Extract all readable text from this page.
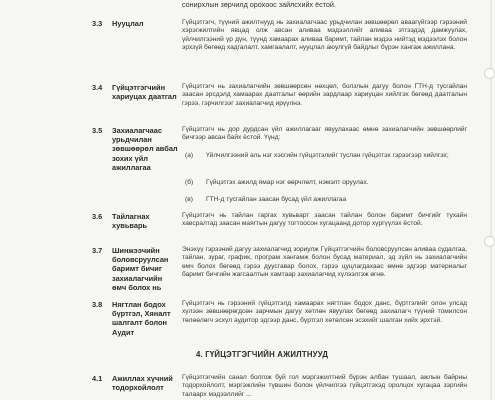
сонирхлын зөрчилд орохоос зайлсхийх ёстой.
3.3 Нууцлал	Гүйцэтгэгч, түүний ажилтнууд нь захиалагчаас урьдчилан зөвшөөрөл аваагүйгээр гэрээний хэрэгжилтийн явцад олж авсан аливаа мэдээллийг аливаа этгээдэд дамжуулах, үйлчилгээний үр дүн, түүнд хамаарах аливаа баримт, тайлан мэдээ нийтэд мэдээлэх болон эрхзүй бөгөөд хадгалалт, хамгаалалт, нууцлал аюулгүй байдлыг бүрэн хангаж ажиллана.
3.4 Гүйцэтгэгчийн хариуцах даатгал
Гүйцэтгэгч нь захиалагчийн зөвшөөрсөн нөхцөл, болзлын дагуу болон ГТН-д тусгайлан заасан эрсдэлд хамаарах даатгалыг өөрийн зардлаар хариуцан хийлгэх бөгөөд даатгалын гэрээ, гэрчилгээг захиалагчид ирүүлнэ.
3.5 Захиалагчаас урьдчилан зөвшөөрөл авбал зохих үйл ажиллагаа
Гүйцэтгэгч нь дор дурдсан үйл ажиллагааг явуулахаас өмнө захиалагчийн зөвшөөрлийг бичгээр авсан байх ёстой. Үүнд:
(a) Үйлчилгээний аль нэг хэсгийн гүйцэтгэлийг туслан гүйцэтгэх гэрээгээр хийлгэх;
(б) Гүйцэтгэх ажилд ямар нэг өөрчлөлт, нэмэлт оруулах.
(в) ГТН-д тусгайлан заасан бусад үйл ажиллагаа
3.6 Тайлагнах хувьварь
Гүйцэтгэгч нь тайлан гаргах хувьварт заасан тайлан болон баримт бичгийг тухайн хавсралтад заасан маягтын дагуу тогтоосон хугацаанд дотор хүргүүлэх ёстой.
3.7 Шинжээчийн боловсруулсан баримт бичиг захиалагчийн өмч болох нь
Энэхүү гэрээний дагуу захиалагчид зориулж Гүйцэтгэгчийн боловсруулсан аливаа судалгаа, тайлан, зураг, график, програм хангамж болон бусад материал, эд зүйл нь захиалагчийн өмч болох бөгөөд гэрээ дуусгавар болох, гэрээ цуцлагдахаас өмнө эдгээр материалыг баримт бичгийн жагсаалтын хамтаар захиалагчид хүлээлгэж өгнө.
3.8 Нягтлан бодох бүртгэл, Хяналт шалгалт болон Аудит
Гүйцэтгэгч нь гэрээний гүйцэтгэлд хамаарах нягтлан бодох данс, бүртгэлийг олон улсад хүлээн зөвшөөрөгдсөн зарчмын дагуу хөтлөн явуулах бөгөөд захиалагч түүний томилсон төлөөлөгч эсхүл аудитор эдгээр данс, бүртгэл хөтөлсөн эсэхийг шалган хийх эрхтэй.
4. ГҮЙЦЭТГЭГЧИЙН АЖИЛТНУУД
4.1 Ажиллах хүчний тодорхойлолт
Гүйцэтгэгчийн санал болгож буй гол мэргэжилтний бүрэн албан тушаал, ажлын байрны тодорхойлолт, мэргэжлийн түвшин болон үйлчилгээ гүйцэтгэхэд оролцох хугацаа зэргийн талаарх мэдээллийг ...
